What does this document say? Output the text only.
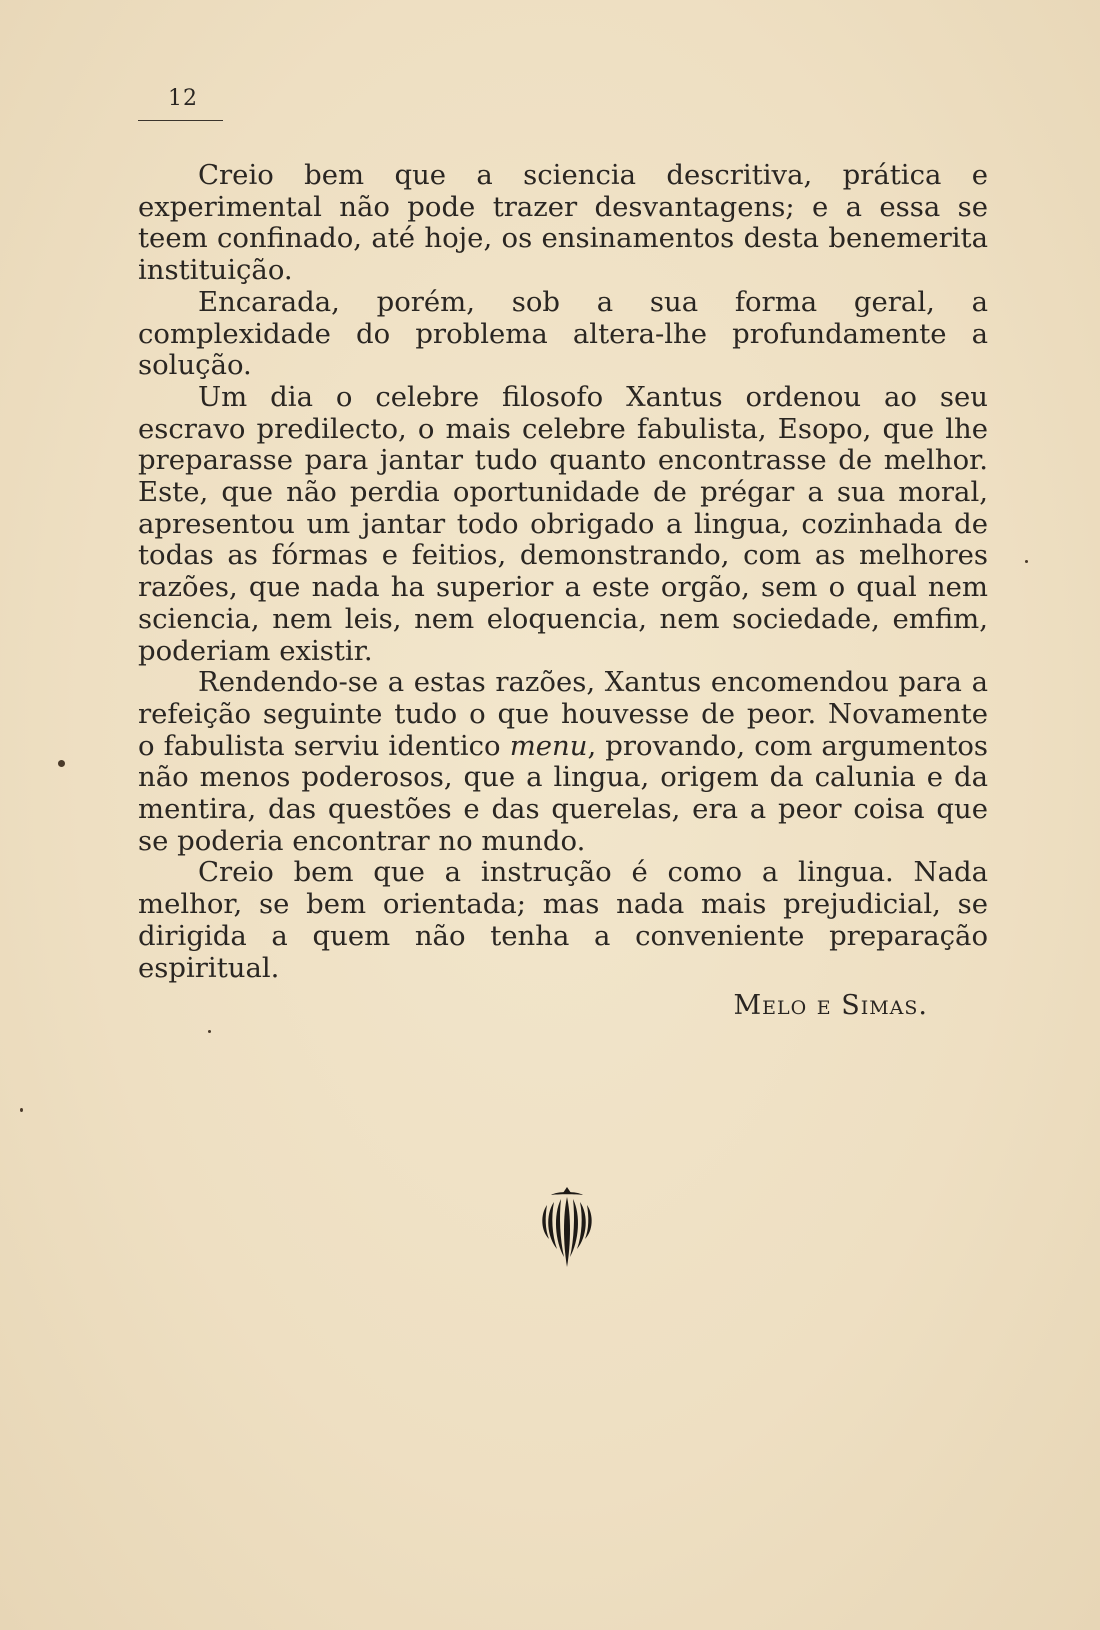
12

Creio bem que a sciencia descritiva, prática e experimental não pode trazer desvantagens; e a essa se teem confinado, até hoje, os ensinamentos desta benemerita instituição.

Encarada, porém, sob a sua forma geral, a complexidade do problema altera-lhe profundamente a solução.

Um dia o celebre filosofo Xantus ordenou ao seu escravo predilecto, o mais celebre fabulista, Esopo, que lhe preparasse para jantar tudo quanto encontrasse de melhor. Este, que não perdia oportunidade de prégar a sua moral, apresentou um jantar todo obrigado a lingua, cozinhada de todas as fórmas e feitios, demonstrando, com as melhores razões, que nada ha superior a este orgão, sem o qual nem sciencia, nem leis, nem eloquencia, nem sociedade, emfim, poderiam existir.

Rendendo-se a estas razões, Xantus encomendou para a refeição seguinte tudo o que houvesse de peor. Novamente o fabulista serviu identico menu, provando, com argumentos não menos poderosos, que a lingua, origem da calunia e da mentira, das questões e das querelas, era a peor coisa que se poderia encontrar no mundo.

Creio bem que a instrução é como a lingua. Nada melhor, se bem orientada; mas nada mais prejudicial, se dirigida a quem não tenha a conveniente preparação espiritual.

Melo e Simas.
